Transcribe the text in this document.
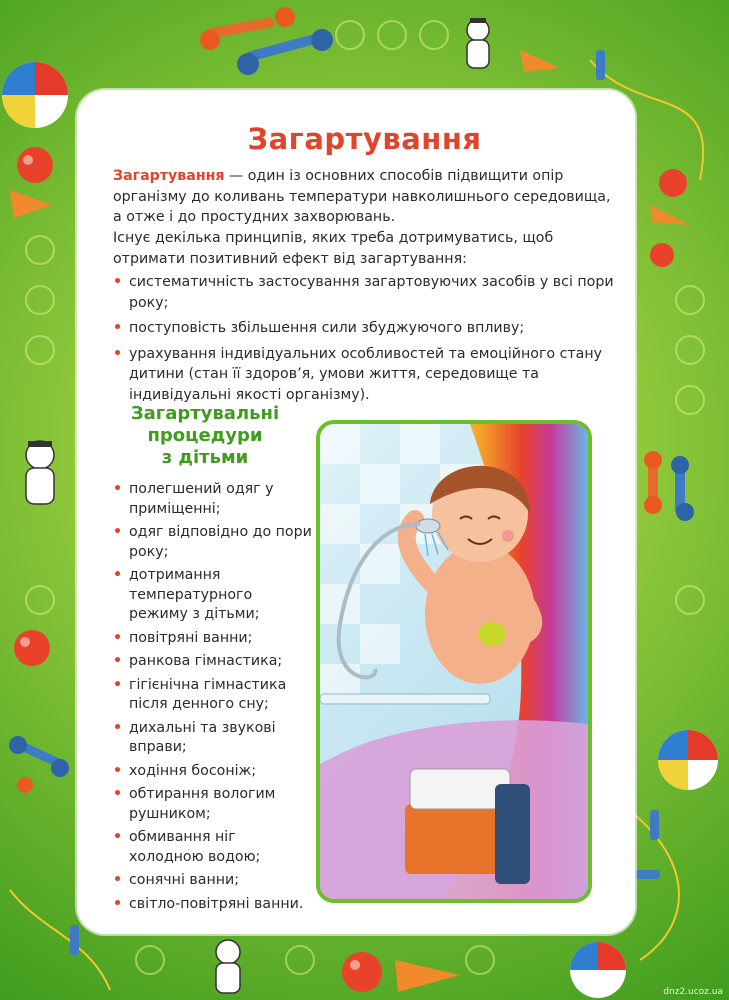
Загартування
Загартування — один із основних способів підвищити опір організму до коливань температури навколишнього середовища, а отже і до простудних захворювань.
Існує декілька принципів, яких треба дотримуватись, щоб отримати позитивний ефект від загартування:
• систематичність застосування загартовуючих засобів у всі пори року;
• поступовість збільшення сили збуджуючого впливу;
• урахування індивідуальних особливостей та емоційного стану дитини (стан її здоров’я, умови життя, середовище та індивідуальні якості організму).
Загартувальні
процедури
з дітьми
• полегшений одяг у приміщенні;
• одяг відповідно до пори року;
• дотримання температурного режиму з дітьми;
• повітряні ванни;
• ранкова гімнастика;
• гігієнічна гімнастика після денного сну;
• дихальні та звукові вправи;
• ходіння босоніж;
• обтирання вологим рушником;
• обмивання ніг холодною водою;
• сонячні ванни;
• світло-повітряні ванни.
dnz2.ucoz.ua
